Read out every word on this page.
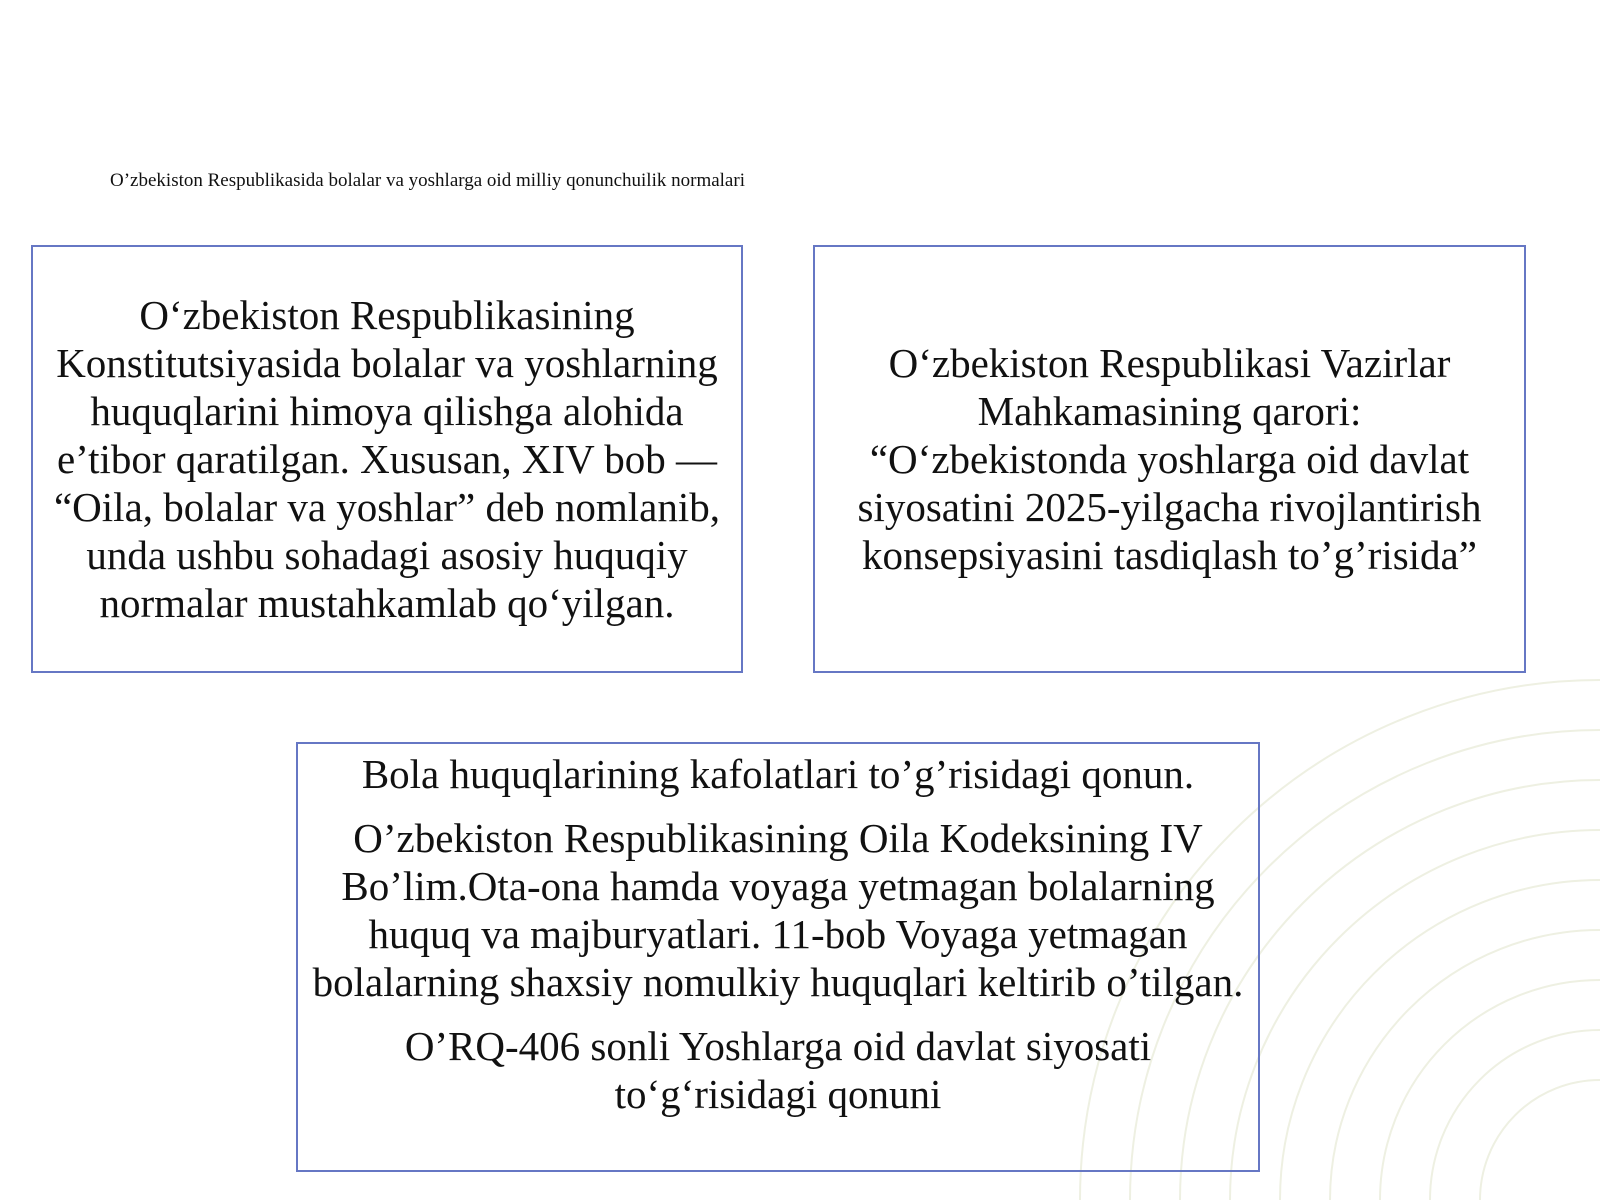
O’zbekiston Respublikasida bolalar va yoshlarga oid milliy qonunchuilik normalari
O‘zbekiston Respublikasining Konstitutsiyasida bolalar va yoshlarning huquqlarini himoya qilishga alohida e’tibor qaratilgan. Xususan, XIV bob — “Oila, bolalar va yoshlar” deb nomlanib, unda ushbu sohadagi asosiy huquqiy normalar mustahkamlab qo‘yilgan.
O‘zbekiston Respublikasi Vazirlar Mahkamasining qarori:
“O‘zbekistonda yoshlarga oid davlat siyosatini 2025-yilgacha rivojlantirish konsepsiyasini tasdiqlash to’g’risida”
Bola huquqlarining kafolatlari to’g’risidagi qonun.
O’zbekiston Respublikasining Oila Kodeksining IV Bo’lim.Ota-ona hamda voyaga yetmagan bolalarning huquq va majburyatlari. 11-bob Voyaga yetmagan bolalarning shaxsiy nomulkiy huquqlari keltirib o’tilgan.
O’RQ-406 sonli Yoshlarga oid davlat siyosati to‘g‘risidagi qonuni
